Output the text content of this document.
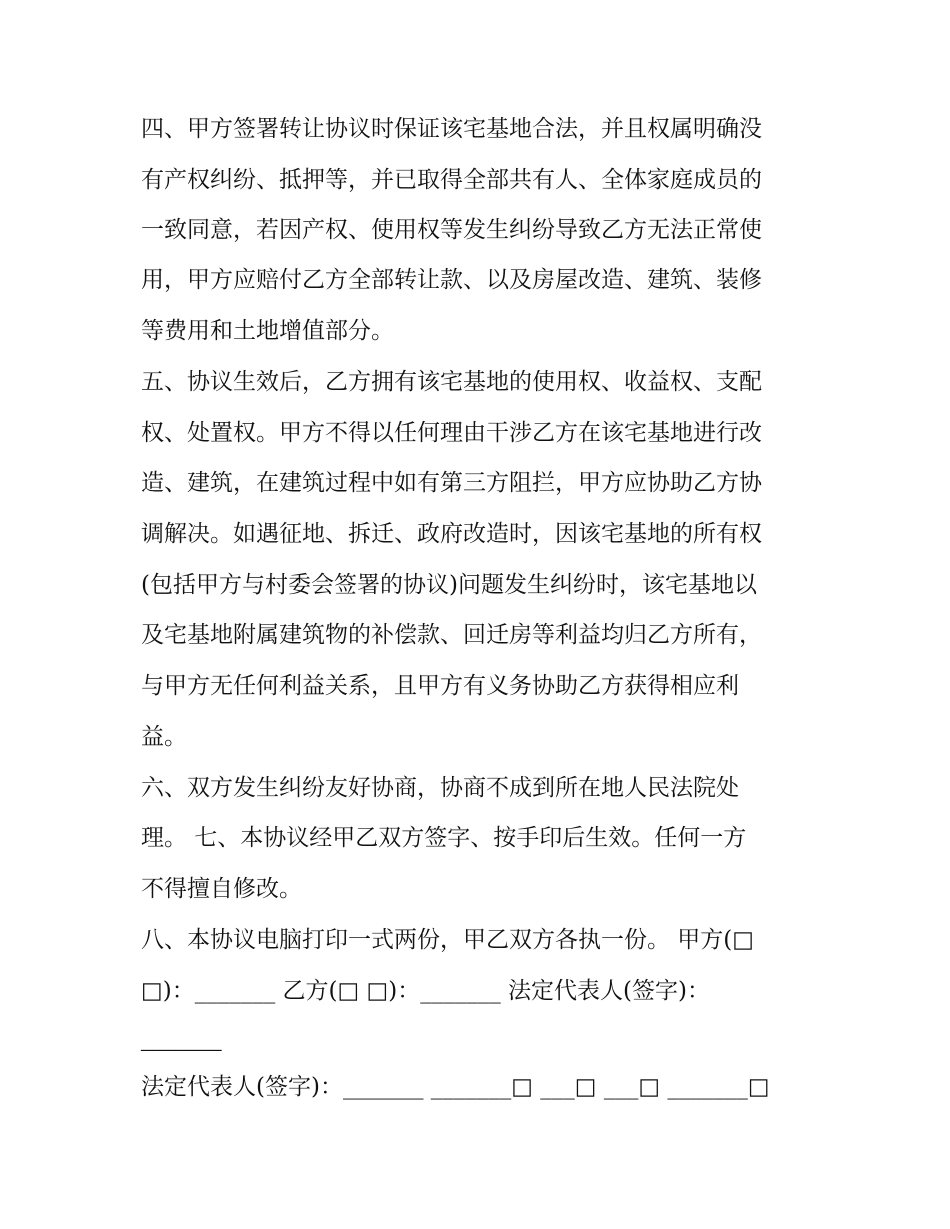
四、甲方签署转让协议时保证该宅基地合法，并且权属明确没
有产权纠纷、抵押等，并已取得全部共有人、全体家庭成员的
一致同意，若因产权、使用权等发生纠纷导致乙方无法正常使
用，甲方应赔付乙方全部转让款、以及房屋改造、建筑、装修
等费用和土地增值部分。
五、协议生效后，乙方拥有该宅基地的使用权、收益权、支配
权、处置权。甲方不得以任何理由干涉乙方在该宅基地进行改
造、建筑，在建筑过程中如有第三方阻拦，甲方应协助乙方协
调解决。如遇征地、拆迁、政府改造时，因该宅基地的所有权
(包括甲方与村委会签署的协议)问题发生纠纷时，该宅基地以
及宅基地附属建筑物的补偿款、回迁房等利益均归乙方所有，
与甲方无任何利益关系，且甲方有义务协助乙方获得相应利
益。
六、双方发生纠纷友好协商，协商不成到所在地人民法院处
理。 七、本协议经甲乙双方签字、按手印后生效。任何一方
不得擅自修改。
八、本协议电脑打印一式两份，甲乙双方各执一份。 甲方(□
□)：_______ 乙方(□ □)：_______ 法定代表人(签字)：
_______
法定代表人(签字)：_______ _______□ ___□ ___□ _______□
